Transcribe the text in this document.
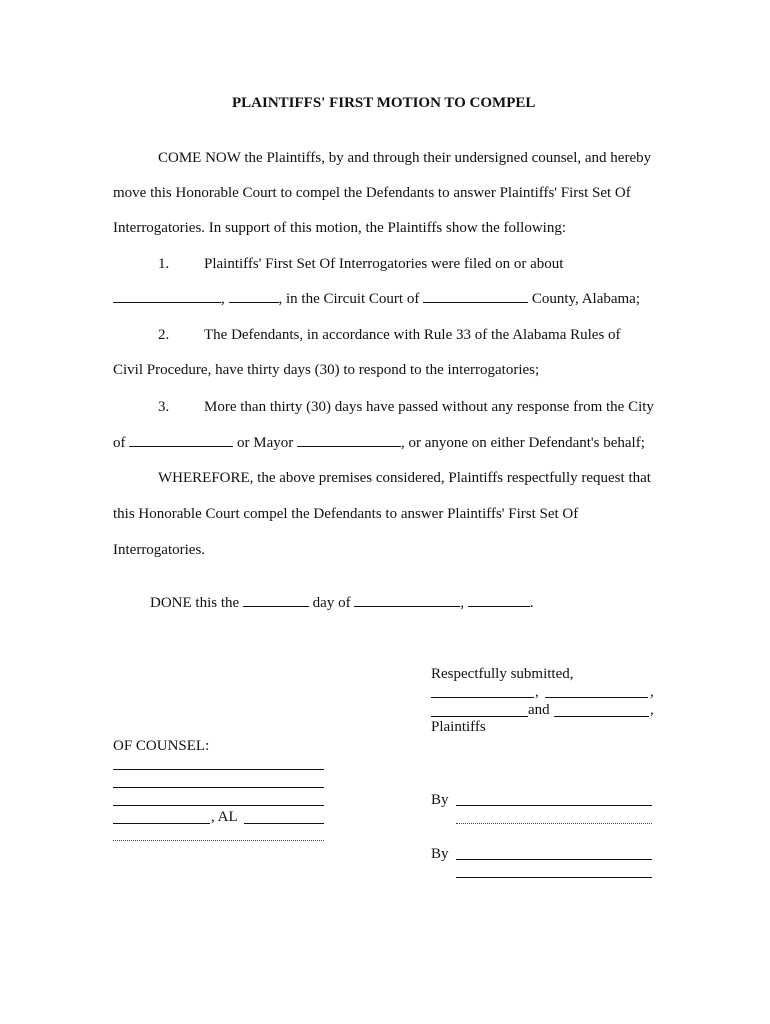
PLAINTIFFS' FIRST MOTION TO COMPEL
COME NOW the Plaintiffs, by and through their undersigned counsel, and hereby
move this Honorable Court to compel the Defendants to answer Plaintiffs' First Set Of
Interrogatories. In support of this motion, the Plaintiffs show the following:
1. Plaintiffs' First Set Of Interrogatories were filed on or about
,	, in the Circuit Court of	County, Alabama;
2. The Defendants, in accordance with Rule 33 of the Alabama Rules of
Civil Procedure, have thirty days (30) to respond to the interrogatories;
3. More than thirty (30) days have passed without any response from the City
of	or Mayor	, or anyone on either Defendant's behalf;
WHEREFORE, the above premises considered, Plaintiffs respectfully request that
this Honorable Court compel the Defendants to answer Plaintiffs' First Set Of
Interrogatories.
DONE this the	day of	,	.
Respectfully submitted,
,	,
and	,
Plaintiffs
By
By
OF COUNSEL:
, AL
